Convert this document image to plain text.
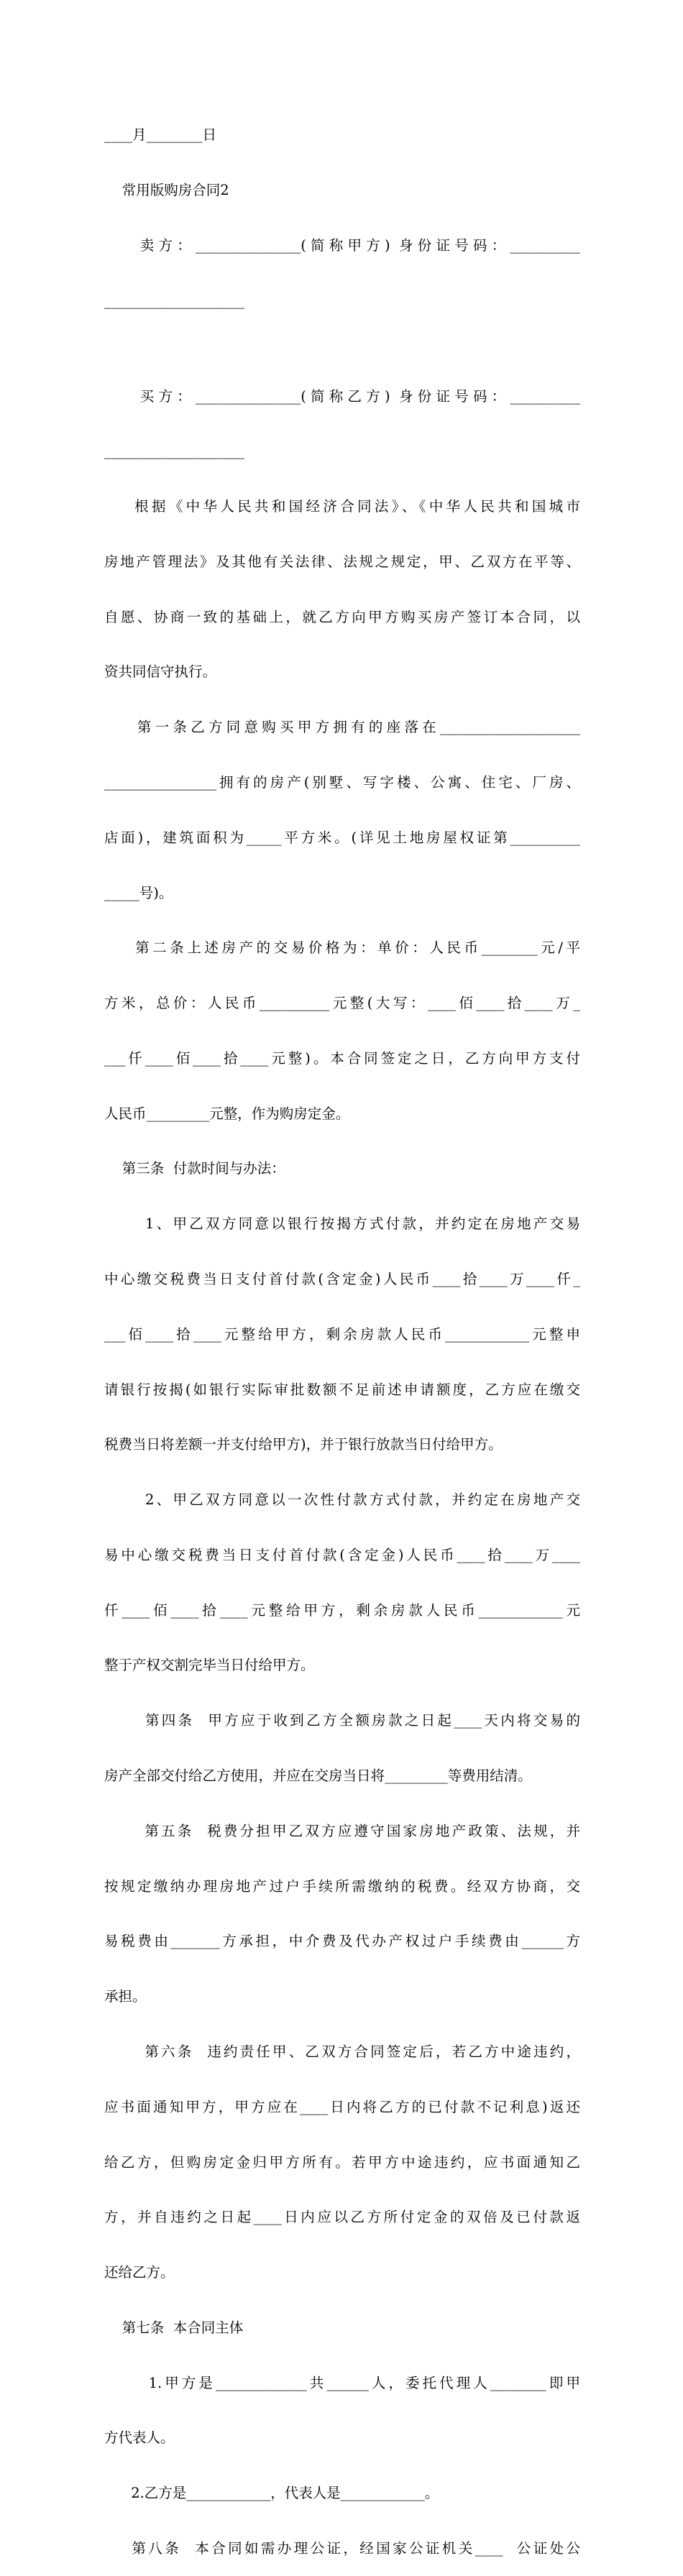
____月________日

常用版购房合同2

卖方：_______________(简称甲方) 身份证号码：__________

____________________

买方：_______________(简称乙方) 身份证号码：__________

____________________

根据《中华人民共和国经济合同法》、《中华人民共和国城市

房地产管理法》及其他有关法律、法规之规定，甲、乙双方在平等、

自愿、协商一致的基础上，就乙方向甲方购买房产签订本合同，以

资共同信守执行。

第一条乙方同意购买甲方拥有的座落在____________________

________________拥有的房产(别墅、写字楼、公寓、住宅、厂房、

店面)，建筑面积为_____平方米。(详见土地房屋权证第__________

_____号)。

第二条上述房产的交易价格为：单价：人民币________元/平

方米，总价：人民币__________元整(大写：____佰____拾____万_

___仟____佰____拾____元整)。本合同签定之日，乙方向甲方支付

人民币_________元整，作为购房定金。

第三条  付款时间与办法：

1、甲乙双方同意以银行按揭方式付款，并约定在房地产交易

中心缴交税费当日支付首付款(含定金)人民币____拾____万____仟_

___佰____拾____元整给甲方，剩余房款人民币____________元整申

请银行按揭(如银行实际审批数额不足前述申请额度，乙方应在缴交

税费当日将差额一并支付给甲方)，并于银行放款当日付给甲方。

2、甲乙双方同意以一次性付款方式付款，并约定在房地产交

易中心缴交税费当日支付首付款(含定金)人民币____拾____万____

仟____佰____拾____元整给甲方，剩余房款人民币____________元

整于产权交割完毕当日付给甲方。

第四条  甲方应于收到乙方全额房款之日起____天内将交易的

房产全部交付给乙方使用，并应在交房当日将_________等费用结清。

第五条  税费分担甲乙双方应遵守国家房地产政策、法规，并

按规定缴纳办理房地产过户手续所需缴纳的税费。经双方协商，交

易税费由_______方承担，中介费及代办产权过户手续费由______方

承担。

第六条  违约责任甲、乙双方合同签定后，若乙方中途违约，

应书面通知甲方，甲方应在____日内将乙方的已付款不记利息)返还

给乙方，但购房定金归甲方所有。若甲方中途违约，应书面通知乙

方，并自违约之日起____日内应以乙方所付定金的双倍及已付款返

还给乙方。

第七条  本合同主体

1.甲方是_____________共______人，委托代理人________即甲

方代表人。

2.乙方是____________，代表人是____________。

第八条  本合同如需办理公证，经国家公证机关____  公证处公
